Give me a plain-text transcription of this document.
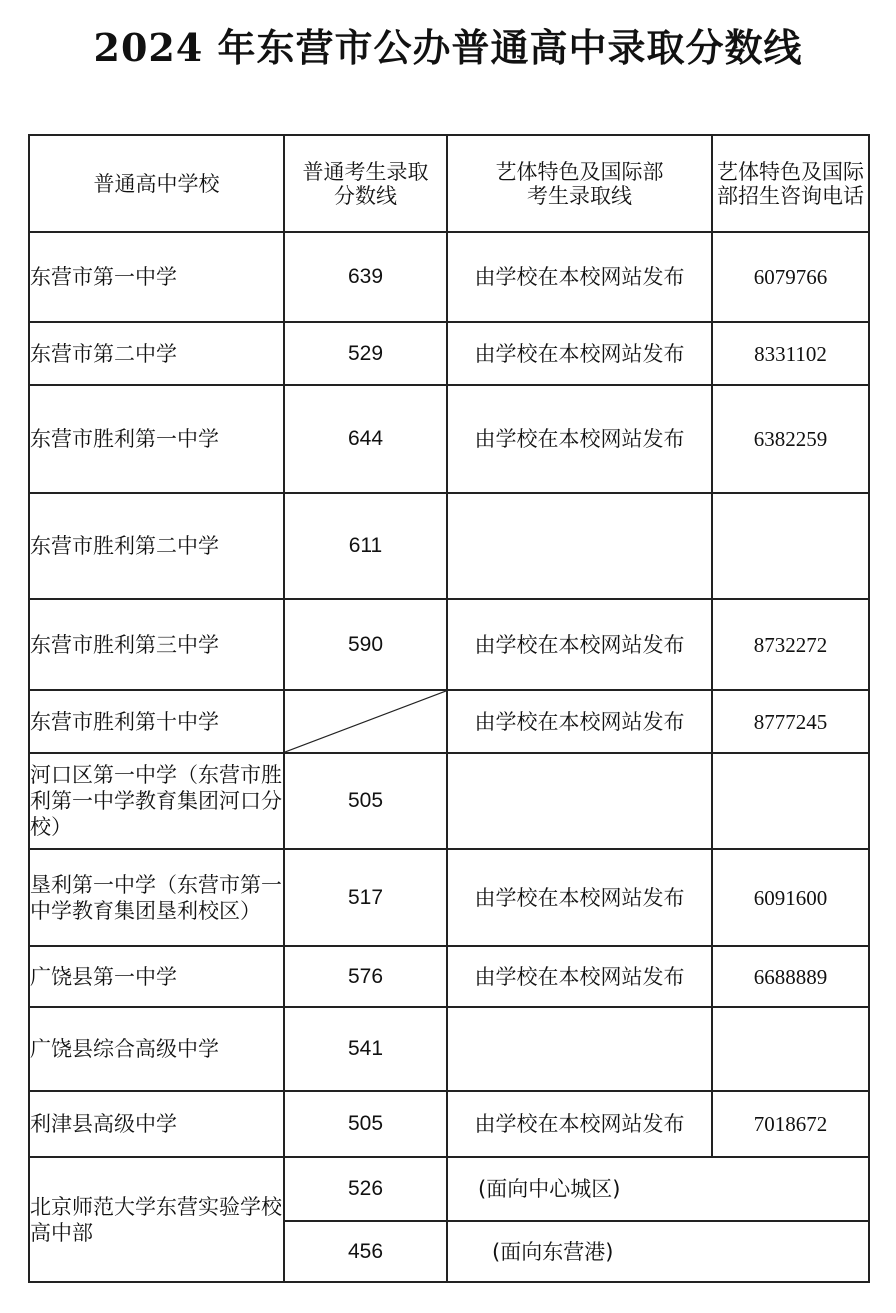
2024 年东营市公办普通高中录取分数线
普通高中学校	普通考生录取分数线	艺体特色及国际部考生录取线	艺体特色及国际部招生咨询电话
东营市第一中学	639	由学校在本校网站发布	6079766
东营市第二中学	529	由学校在本校网站发布	8331102
东营市胜利第一中学	644	由学校在本校网站发布	6382259
东营市胜利第二中学	611		
东营市胜利第三中学	590	由学校在本校网站发布	8732272
东营市胜利第十中学		由学校在本校网站发布	8777245
河口区第一中学（东营市胜利第一中学教育集团河口分校）	505		
垦利第一中学（东营市第一中学教育集团垦利校区）	517	由学校在本校网站发布	6091600
广饶县第一中学	576	由学校在本校网站发布	6688889
广饶县综合高级中学	541		
利津县高级中学	505	由学校在本校网站发布	7018672
北京师范大学东营实验学校高中部	526	(面向中心城区)	
	456	(面向东营港)	
